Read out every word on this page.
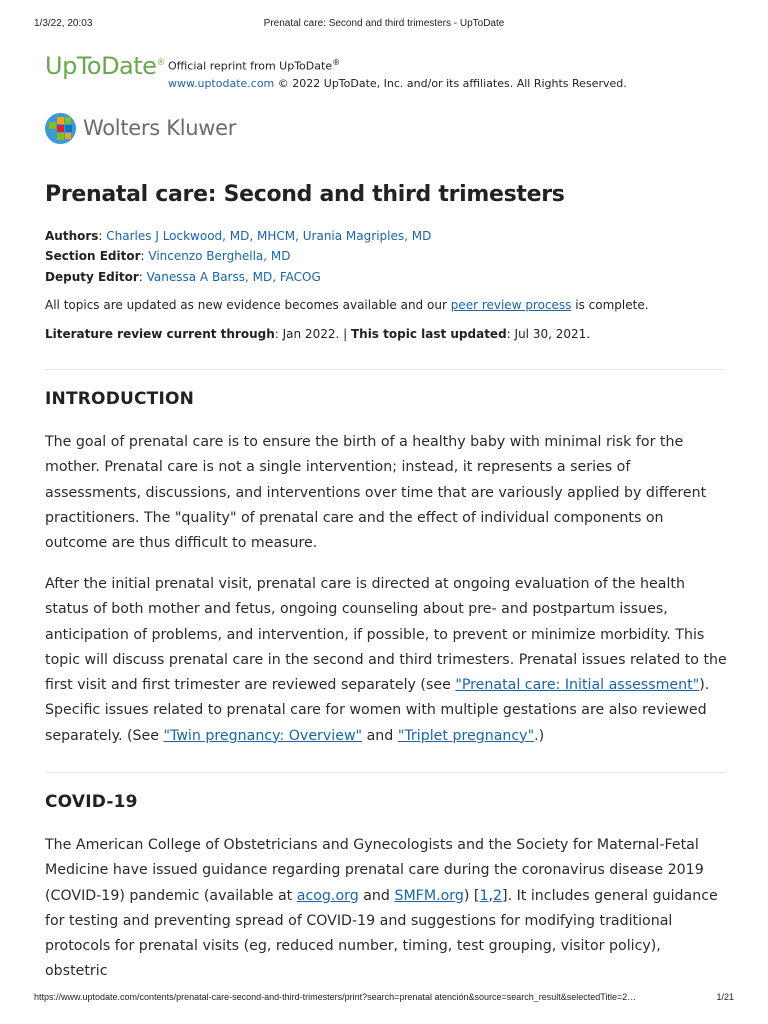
1/3/22, 20:03	Prenatal care: Second and third trimesters - UpToDate
UpToDate® Official reprint from UpToDate®
www.uptodate.com © 2022 UpToDate, Inc. and/or its affiliates. All Rights Reserved.
Wolters Kluwer
Prenatal care: Second and third trimesters
Authors: Charles J Lockwood, MD, MHCM, Urania Magriples, MD
Section Editor: Vincenzo Berghella, MD
Deputy Editor: Vanessa A Barss, MD, FACOG
All topics are updated as new evidence becomes available and our peer review process is complete.
Literature review current through: Jan 2022. | This topic last updated: Jul 30, 2021.
INTRODUCTION

The goal of prenatal care is to ensure the birth of a healthy baby with minimal risk for the mother. Prenatal care is not a single intervention; instead, it represents a series of assessments, discussions, and interventions over time that are variously applied by different practitioners. The "quality" of prenatal care and the effect of individual components on outcome are thus difficult to measure.

After the initial prenatal visit, prenatal care is directed at ongoing evaluation of the health status of both mother and fetus, ongoing counseling about pre- and postpartum issues, anticipation of problems, and intervention, if possible, to prevent or minimize morbidity. This topic will discuss prenatal care in the second and third trimesters. Prenatal issues related to the first visit and first trimester are reviewed separately (see "Prenatal care: Initial assessment"). Specific issues related to prenatal care for women with multiple gestations are also reviewed separately. (See "Twin pregnancy: Overview" and "Triplet pregnancy".)

COVID-19

The American College of Obstetricians and Gynecologists and the Society for Maternal-Fetal Medicine have issued guidance regarding prenatal care during the coronavirus disease 2019 (COVID-19) pandemic (available at acog.org and SMFM.org) [1,2]. It includes general guidance for testing and preventing spread of COVID-19 and suggestions for modifying traditional protocols for prenatal visits (eg, reduced number, timing, test grouping, visitor policy), obstetric

https://www.uptodate.com/contents/prenatal-care-second-and-third-trimesters/print?search=prenatal atención&source=search_result&selectedTitle=2…	1/21
